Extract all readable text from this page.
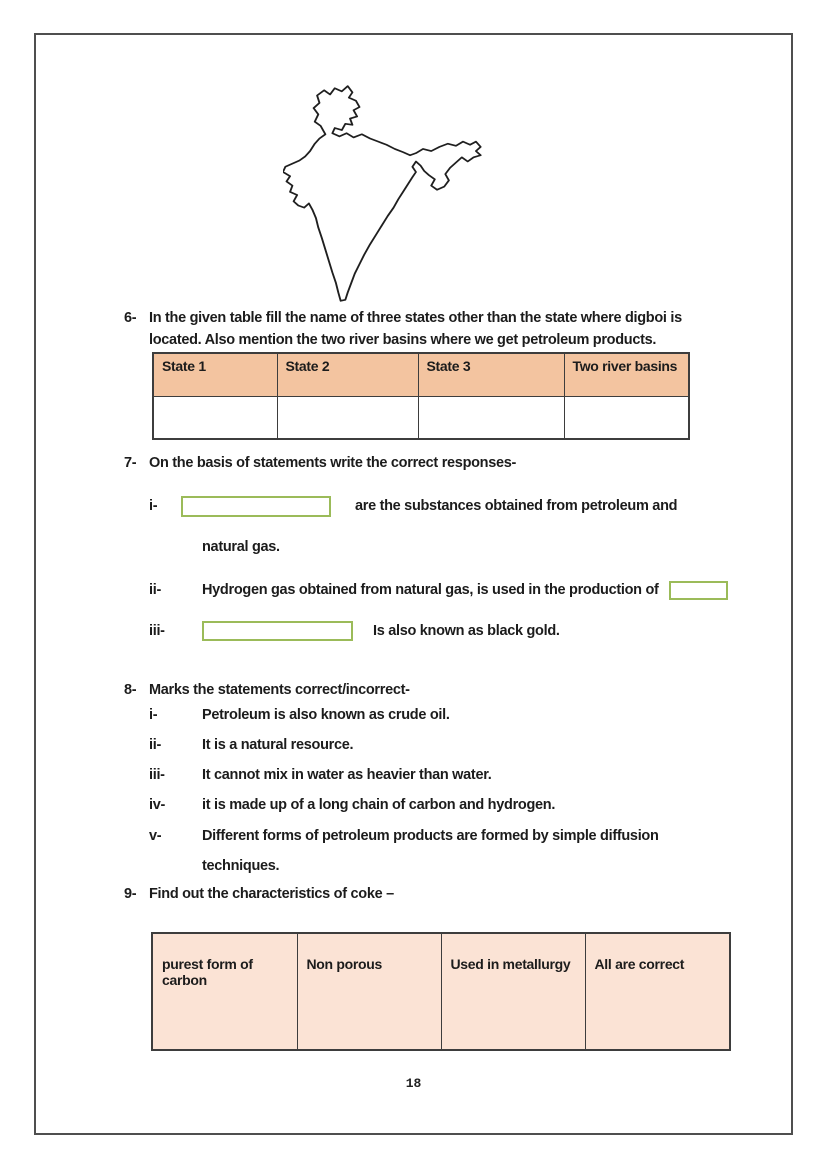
6- In the given table fill the name of three states other than the state where digboi is
located. Also mention the two river basins where we get petroleum products.
State 1	State 2	State 3	Two river basins

7- On the basis of statements write the correct responses-
i-	are the substances obtained from petroleum and
natural gas.
ii-	Hydrogen gas obtained from natural gas, is used in the production of
iii-	Is also known as black gold.
8- Marks the statements correct/incorrect-
i-	Petroleum is also known as crude oil.
ii-	It is a natural resource.
iii-	It cannot mix in water as heavier than water.
iv-	it is made up of a long chain of carbon and hydrogen.
v-	Different forms of petroleum products are formed by simple diffusion
techniques.
9- Find out the characteristics of coke –
purest form of carbon	Non porous	Used in metallurgy	All are correct
18
